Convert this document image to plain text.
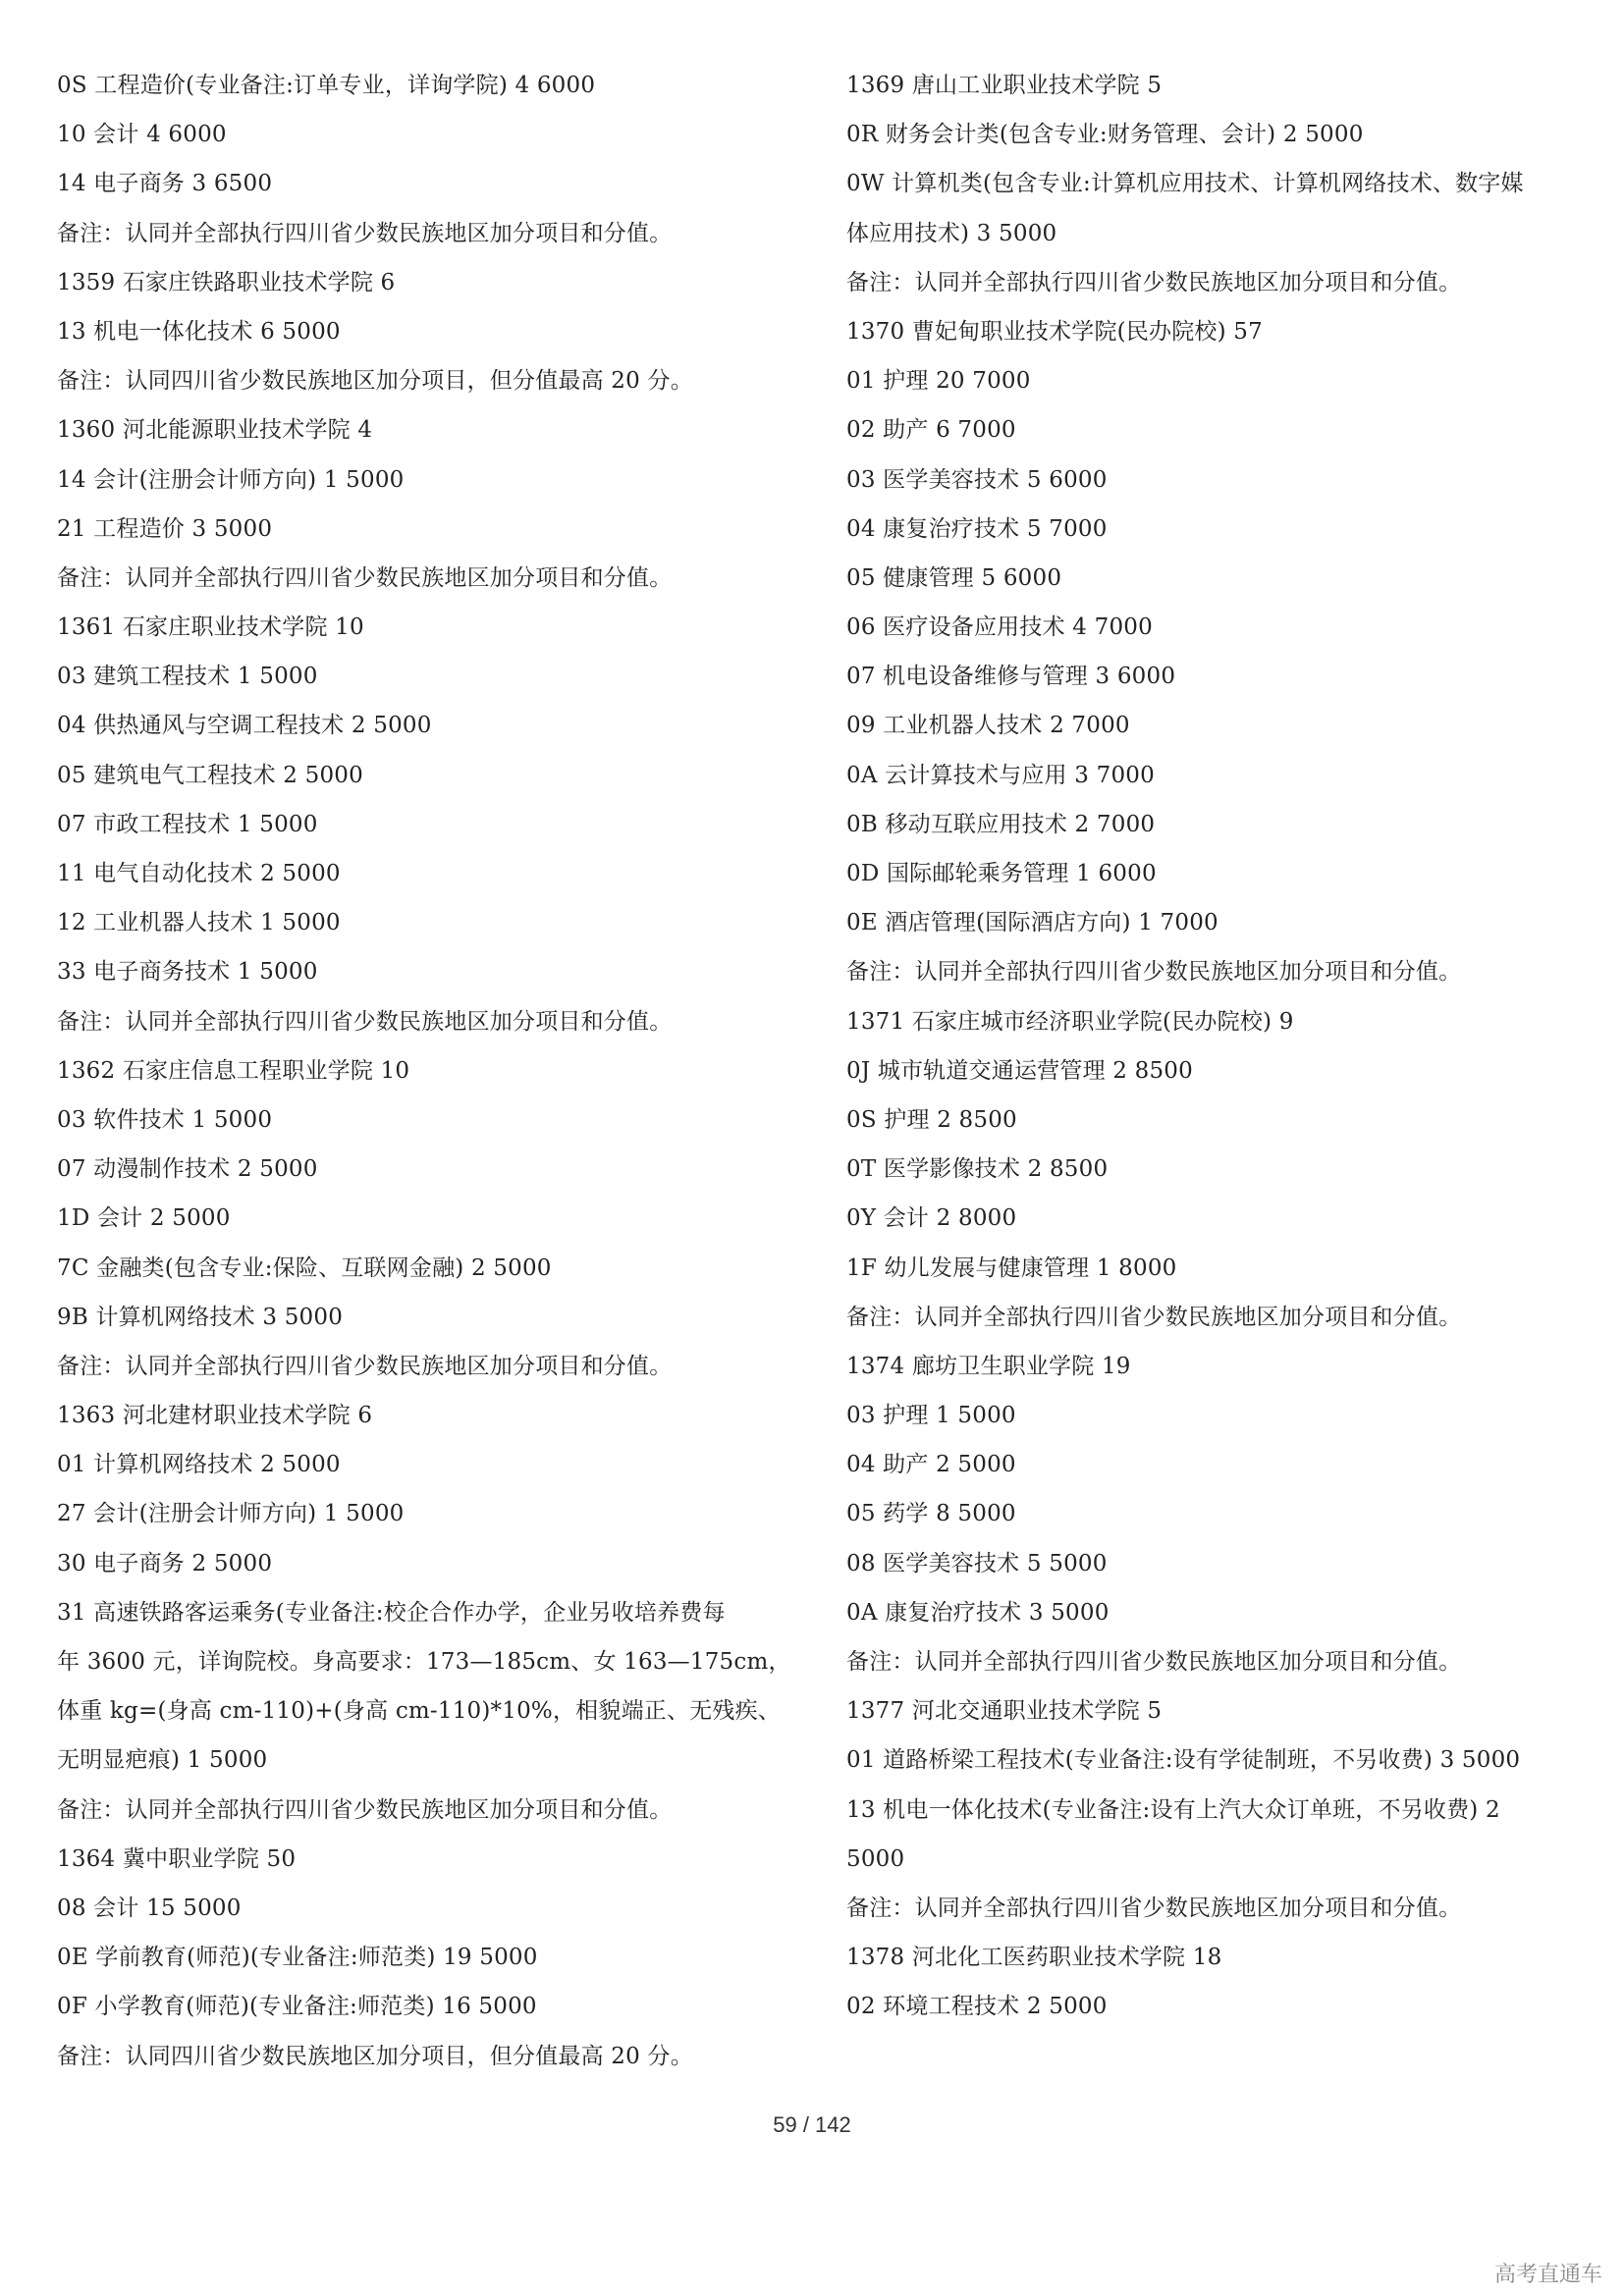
0S 工程造价(专业备注:订单专业，详询学院) 4 6000
10 会计 4 6000
14 电子商务 3 6500
备注：认同并全部执行四川省少数民族地区加分项目和分值。
1359 石家庄铁路职业技术学院 6
13 机电一体化技术 6 5000
备注：认同四川省少数民族地区加分项目，但分值最高 20 分。
1360 河北能源职业技术学院 4
14 会计(注册会计师方向) 1 5000
21 工程造价 3 5000
备注：认同并全部执行四川省少数民族地区加分项目和分值。
1361 石家庄职业技术学院 10
03 建筑工程技术 1 5000
04 供热通风与空调工程技术 2 5000
05 建筑电气工程技术 2 5000
07 市政工程技术 1 5000
11 电气自动化技术 2 5000
12 工业机器人技术 1 5000
33 电子商务技术 1 5000
备注：认同并全部执行四川省少数民族地区加分项目和分值。
1362 石家庄信息工程职业学院 10
03 软件技术 1 5000
07 动漫制作技术 2 5000
1D 会计 2 5000
7C 金融类(包含专业:保险、互联网金融) 2 5000
9B 计算机网络技术 3 5000
备注：认同并全部执行四川省少数民族地区加分项目和分值。
1363 河北建材职业技术学院 6
01 计算机网络技术 2 5000
27 会计(注册会计师方向) 1 5000
30 电子商务 2 5000
31 高速铁路客运乘务(专业备注:校企合作办学，企业另收培养费每
年 3600 元，详询院校。身高要求：173—185cm、女 163—175cm，
体重 kg=(身高 cm-110)+(身高 cm-110)*10%，相貌端正、无残疾、
无明显疤痕) 1 5000
备注：认同并全部执行四川省少数民族地区加分项目和分值。
1364 冀中职业学院 50
08 会计 15 5000
0E 学前教育(师范)(专业备注:师范类) 19 5000
0F 小学教育(师范)(专业备注:师范类) 16 5000
备注：认同四川省少数民族地区加分项目，但分值最高 20 分。
1369 唐山工业职业技术学院 5
0R 财务会计类(包含专业:财务管理、会计) 2 5000
0W 计算机类(包含专业:计算机应用技术、计算机网络技术、数字媒
体应用技术) 3 5000
备注：认同并全部执行四川省少数民族地区加分项目和分值。
1370 曹妃甸职业技术学院(民办院校) 57
01 护理 20 7000
02 助产 6 7000
03 医学美容技术 5 6000
04 康复治疗技术 5 7000
05 健康管理 5 6000
06 医疗设备应用技术 4 7000
07 机电设备维修与管理 3 6000
09 工业机器人技术 2 7000
0A 云计算技术与应用 3 7000
0B 移动互联应用技术 2 7000
0D 国际邮轮乘务管理 1 6000
0E 酒店管理(国际酒店方向) 1 7000
备注：认同并全部执行四川省少数民族地区加分项目和分值。
1371 石家庄城市经济职业学院(民办院校) 9
0J 城市轨道交通运营管理 2 8500
0S 护理 2 8500
0T 医学影像技术 2 8500
0Y 会计 2 8000
1F 幼儿发展与健康管理 1 8000
备注：认同并全部执行四川省少数民族地区加分项目和分值。
1374 廊坊卫生职业学院 19
03 护理 1 5000
04 助产 2 5000
05 药学 8 5000
08 医学美容技术 5 5000
0A 康复治疗技术 3 5000
备注：认同并全部执行四川省少数民族地区加分项目和分值。
1377 河北交通职业技术学院 5
01 道路桥梁工程技术(专业备注:设有学徒制班，不另收费) 3 5000
13 机电一体化技术(专业备注:设有上汽大众订单班，不另收费) 2
5000
备注：认同并全部执行四川省少数民族地区加分项目和分值。
1378 河北化工医药职业技术学院 18
02 环境工程技术 2 5000
59 / 142
高考直通车
